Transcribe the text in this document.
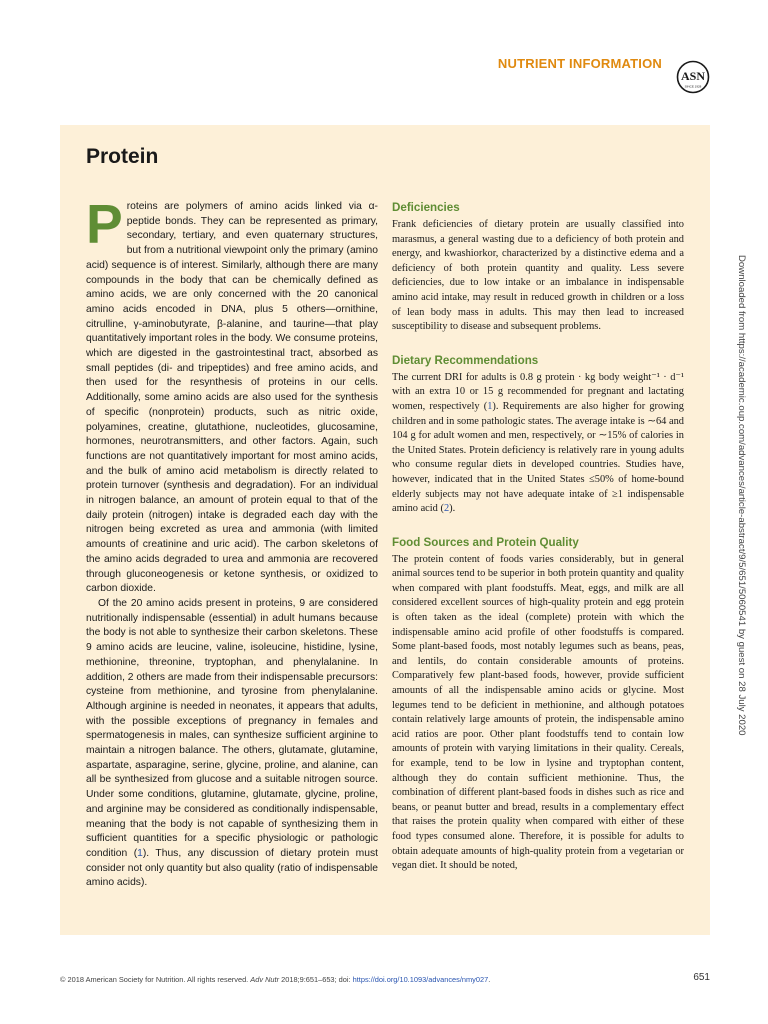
NUTRIENT INFORMATION
ASN
SINCE 1928
Protein

Proteins are polymers of amino acids linked via α-peptide bonds. They can be represented as primary, secondary, tertiary, and even quaternary structures, but from a nutritional viewpoint only the primary (amino acid) sequence is of interest. Similarly, although there are many compounds in the body that can be chemically defined as amino acids, we are only concerned with the 20 canonical amino acids encoded in DNA, plus 5 others—ornithine, citrulline, γ-aminobutyrate, β-alanine, and taurine—that play quantitatively important roles in the body. We consume proteins, which are digested in the gastrointestinal tract, absorbed as small peptides (di- and tripeptides) and free amino acids, and then used for the resynthesis of proteins in our cells. Additionally, some amino acids are also used for the synthesis of specific (nonprotein) products, such as nitric oxide, polyamines, creatine, glutathione, nucleotides, glucosamine, hormones, neurotransmitters, and other factors. Again, such functions are not quantitatively important for most amino acids, and the bulk of amino acid metabolism is directly related to protein turnover (synthesis and degradation). For an individual in nitrogen balance, an amount of protein equal to that of the daily protein (nitrogen) intake is degraded each day with the nitrogen being excreted as urea and ammonia (with limited amounts of creatinine and uric acid). The carbon skeletons of the amino acids degraded to urea and ammonia are recovered through gluconeogenesis or ketone synthesis, or oxidized to carbon dioxide.

Of the 20 amino acids present in proteins, 9 are considered nutritionally indispensable (essential) in adult humans because the body is not able to synthesize their carbon skeletons. These 9 amino acids are leucine, valine, isoleucine, histidine, lysine, methionine, threonine, tryptophan, and phenylalanine. In addition, 2 others are made from their indispensable precursors: cysteine from methionine, and tyrosine from phenylalanine. Although arginine is needed in neonates, it appears that adults, with the possible exceptions of pregnancy in females and spermatogenesis in males, can synthesize sufficient arginine to maintain a nitrogen balance. The others, glutamate, glutamine, aspartate, asparagine, serine, glycine, proline, and alanine, can all be synthesized from glucose and a suitable nitrogen source. Under some conditions, glutamine, glutamate, glycine, proline, and arginine may be considered as conditionally indispensable, meaning that the body is not capable of synthesizing them in sufficient quantities for a specific physiologic or pathologic condition (1). Thus, any discussion of dietary protein must consider not only quantity but also quality (ratio of indispensable amino acids).

Deficiencies

Frank deficiencies of dietary protein are usually classified into marasmus, a general wasting due to a deficiency of both protein and energy, and kwashiorkor, characterized by a distinctive edema and a deficiency of both protein quantity and quality. Less severe deficiencies, due to low intake or an imbalance in indispensable amino acid intake, may result in reduced growth in children or a loss of lean body mass in adults. This may then lead to increased susceptibility to disease and subsequent problems.

Dietary Recommendations

The current DRI for adults is 0.8 g protein · kg body weight⁻¹ · d⁻¹ with an extra 10 or 15 g recommended for pregnant and lactating women, respectively (1). Requirements are also higher for growing children and in some pathologic states. The average intake is ∼64 and 104 g for adult women and men, respectively, or ∼15% of calories in the United States. Protein deficiency is relatively rare in young adults who consume regular diets in developed countries. Studies have, however, indicated that in the United States ≤50% of home-bound elderly subjects may not have adequate intake of ≥1 indispensable amino acid (2).

Food Sources and Protein Quality

The protein content of foods varies considerably, but in general animal sources tend to be superior in both protein quantity and quality when compared with plant foodstuffs. Meat, eggs, and milk are all considered excellent sources of high-quality protein and egg protein is often taken as the ideal (complete) protein with which the indispensable amino acid profile of other foodstuffs is compared. Some plant-based foods, most notably legumes such as beans, peas, and lentils, do contain considerable amounts of proteins. Comparatively few plant-based foods, however, provide sufficient amounts of all the indispensable amino acids or glycine. Most legumes tend to be deficient in methionine, and although potatoes contain relatively large amounts of protein, the indispensable amino acid ratios are poor. Other plant foodstuffs tend to contain low amounts of protein with varying limitations in their quality. Cereals, for example, tend to be low in lysine and tryptophan content, although they do contain sufficient methionine. Thus, the combination of different plant-based foods in dishes such as rice and beans, or peanut butter and bread, results in a complementary effect that raises the protein quality when compared with either of these food types consumed alone. Therefore, it is possible for adults to obtain adequate amounts of high-quality protein from a vegetarian or vegan diet. It should be noted,

© 2018 American Society for Nutrition. All rights reserved. Adv Nutr 2018;9:651–653; doi: https://doi.org/10.1093/advances/nmy027.	651
Downloaded from https://academic.oup.com/advances/article-abstract/9/5/651/5060541 by guest on 28 July 2020
